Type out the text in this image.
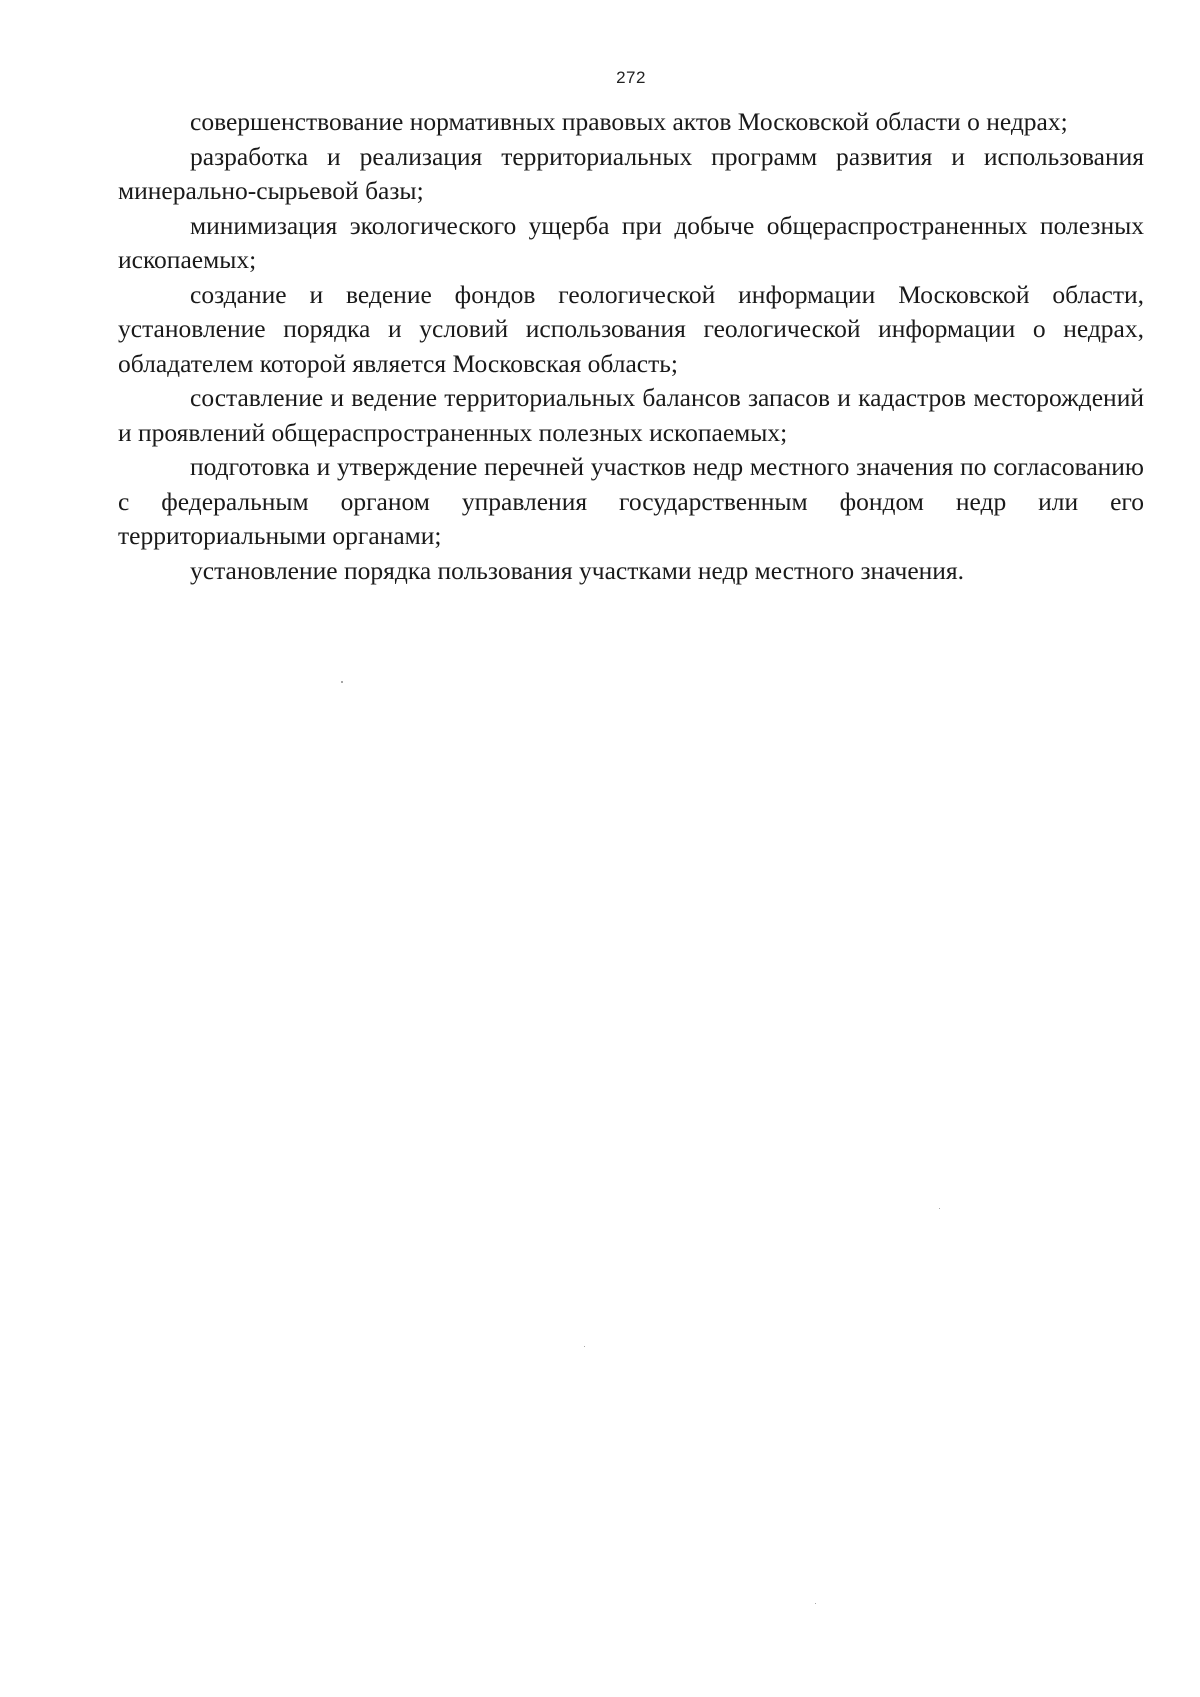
272

совершенствование нормативных правовых актов Московской области о недрах;

разработка и реализация территориальных программ развития и использования минерально-сырьевой базы;

минимизация экологического ущерба при добыче общераспространенных полезных ископаемых;

создание и ведение фондов геологической информации Московской области, установление порядка и условий использования геологической информации о недрах, обладателем которой является Московская область;

составление и ведение территориальных балансов запасов и кадастров месторождений и проявлений общераспространенных полезных ископаемых;

подготовка и утверждение перечней участков недр местного значения по согласованию с федеральным органом управления государственным фондом недр или его территориальными органами;

установление порядка пользования участками недр местного значения.
